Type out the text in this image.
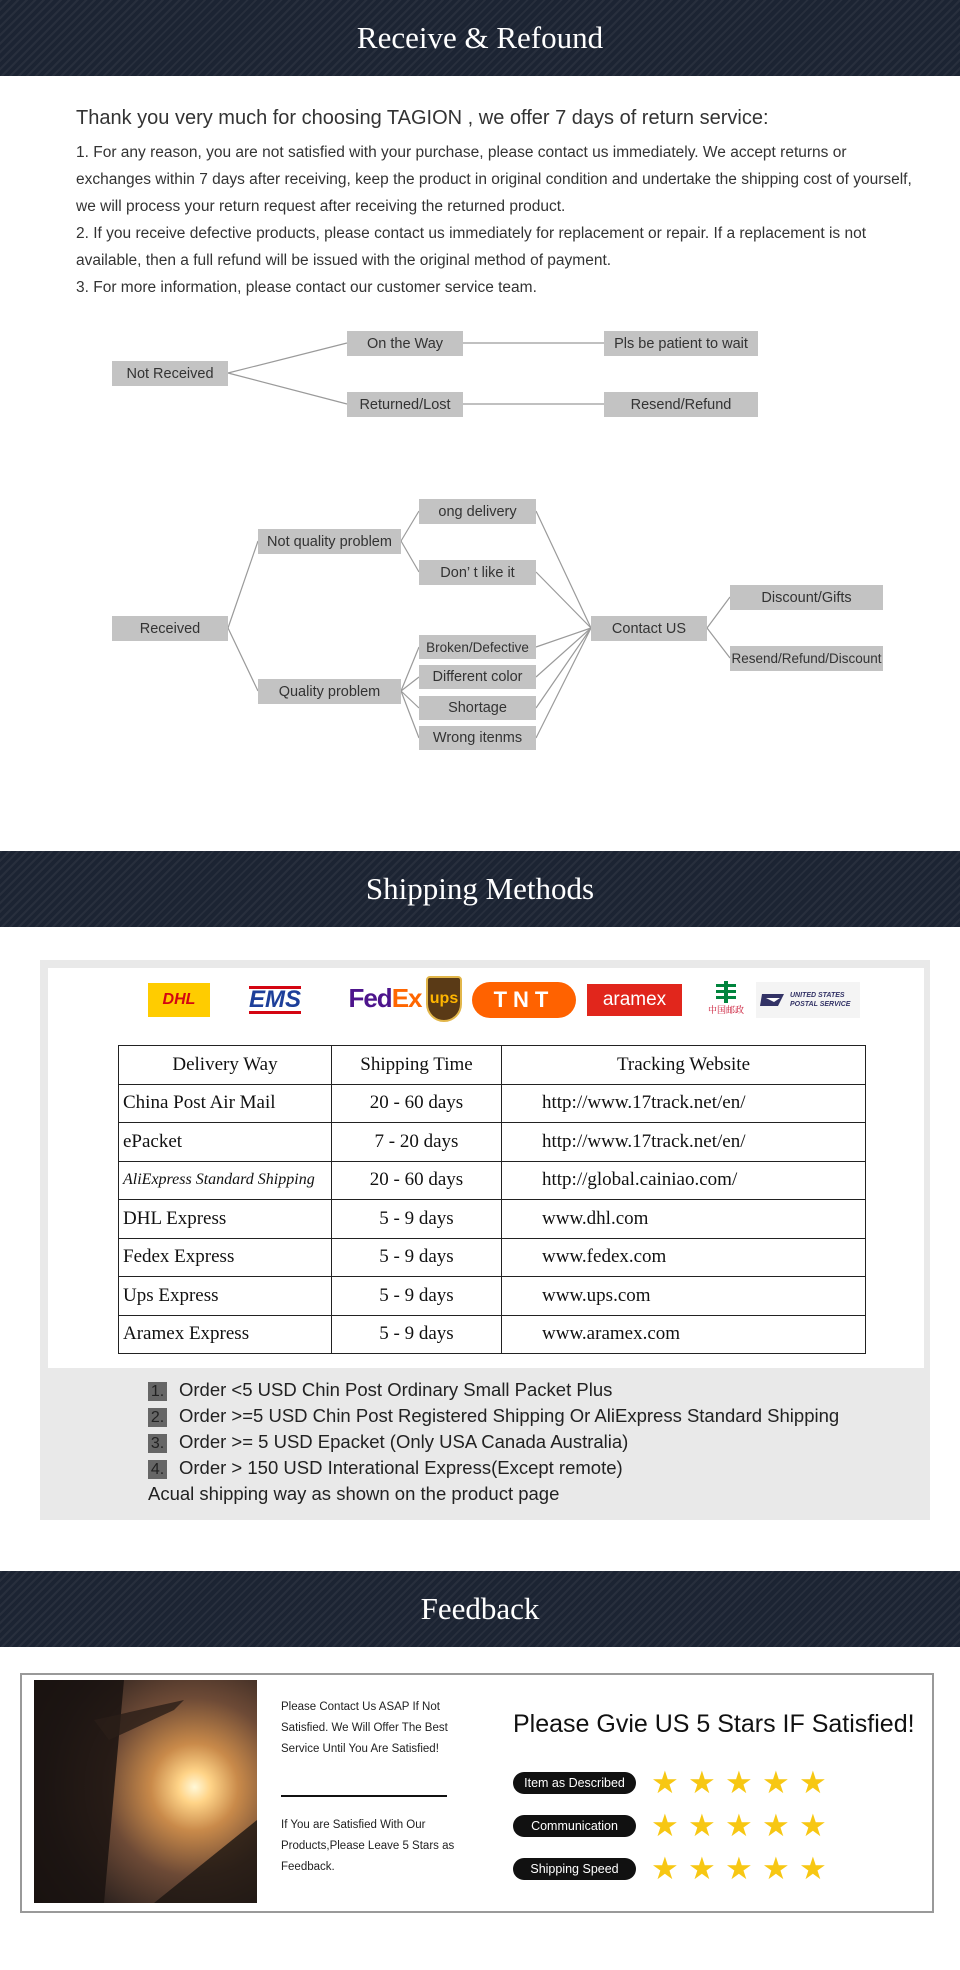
Receive & Refound
Thank you very much for choosing TAGION , we offer 7 days of return service:
1. For any reason, you are not satisfied with your purchase, please contact us immediately. We accept returns or exchanges within 7 days after receiving, keep the product in original condition and undertake the shipping cost of yourself, we will process your return request after receiving the returned product.
2. If you receive defective products, please contact us immediately for replacement or repair. If a replacement is not available, then a full refund will be issued with the original method of payment.
3. For more information, please contact our customer service team.
Not Received
On the Way
Returned/Lost
Pls be patient to wait
Resend/Refund
Received
Not quality problem
Quality problem
ong delivery
Don’ t like it
Broken/Defective
Different color
Shortage
Wrong itenms
Contact US
Discount/Gifts
Resend/Refund/Discount
Shipping Methods
DHL EMS Fed Ex ups TNT	aramex
中国邮政
UNITED STATES POSTAL SERVICE
Delivery Way	Shipping Time	Tracking Website
China Post Air Mail	20 - 60 days	http://www.17track.net/en/
ePacket	7 - 20 days	http://www.17track.net/en/
AliExpress Standard Shipping	20 - 60 days	http://global.cainiao.com/
DHL Express	5 - 9 days	www.dhl.com
Fedex Express	5 - 9 days	www.fedex.com
Ups Express	5 - 9 days	www.ups.com
Aramex Express	5 - 9 days	www.aramex.com
1. Order <5 USD Chin Post Ordinary Small Packet Plus
2. Order >=5 USD Chin Post Registered Shipping Or AliExpress Standard Shipping
3. Order >= 5 USD Epacket (Only USA Canada Australia)
4. Order > 150 USD Interational Express(Except remote)
Acual shipping way as shown on the product page
Feedback
Please Contact Us ASAP If Not Satisfied. We Will Offer The Best Service Until You Are Satisfied!
If You are Satisfied With Our Products,Please Leave 5 Stars as Feedback.
Please Gvie US 5 Stars IF Satisfied!
Item as Described
Communication
Shipping Speed
★ ★ ★ ★ ★
★ ★ ★ ★ ★
★ ★ ★ ★ ★
